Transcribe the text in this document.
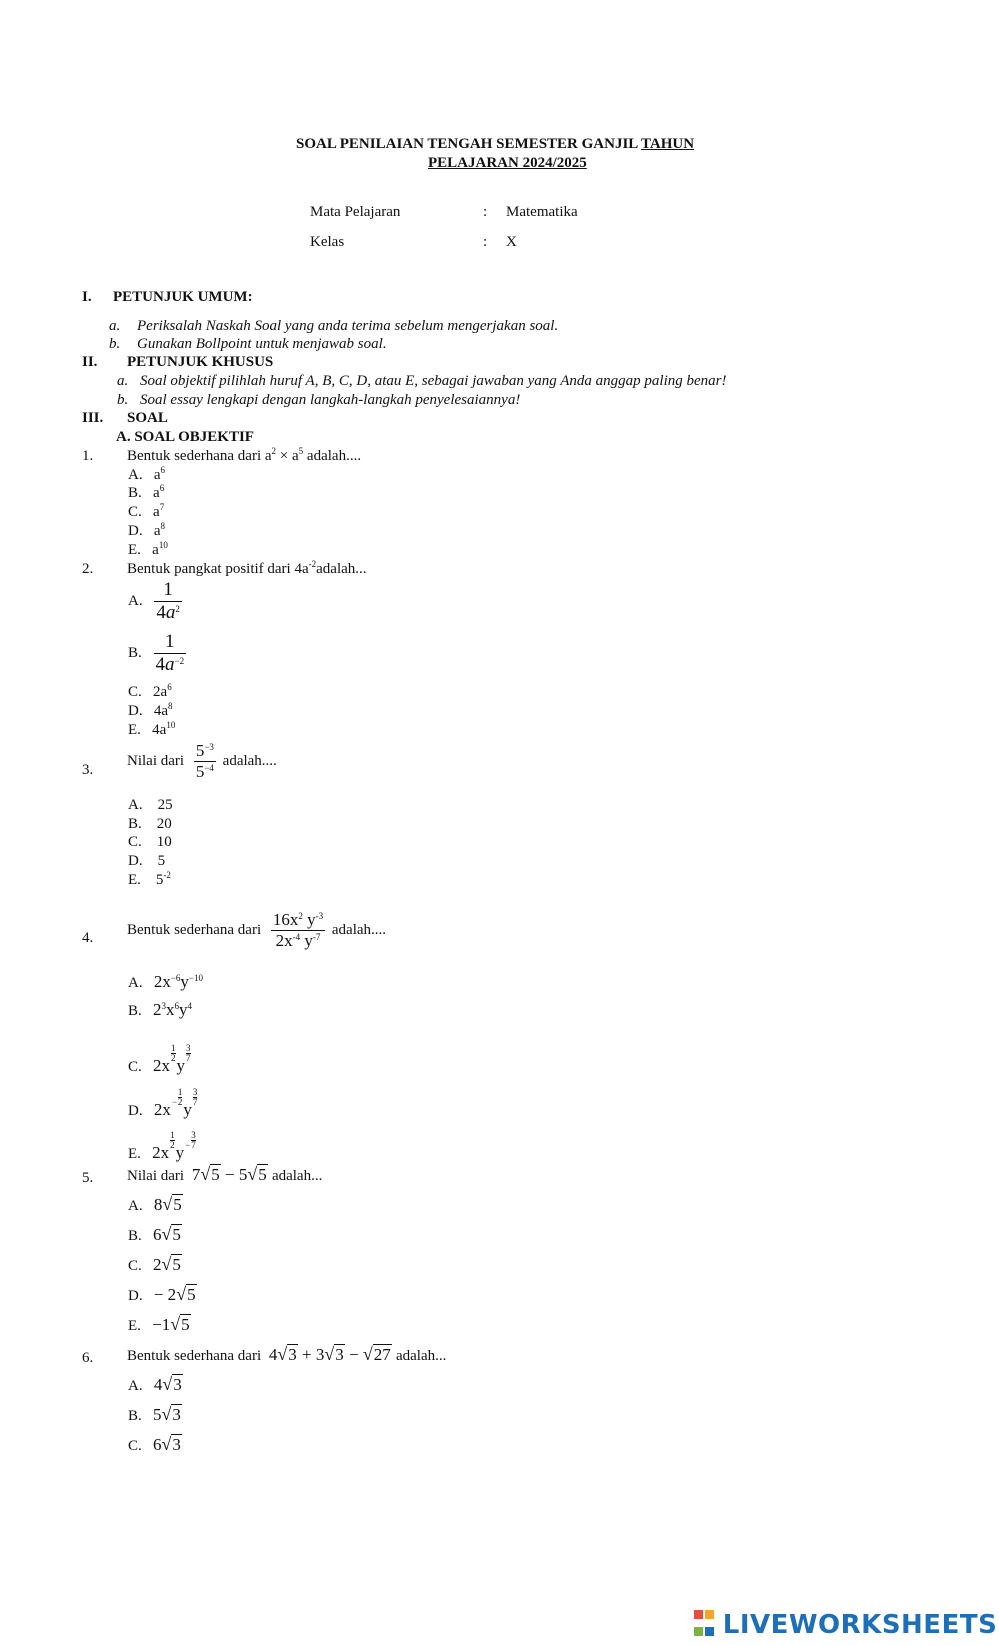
SOAL PENILAIAN TENGAH SEMESTER GANJIL TAHUN
PELAJARAN 2024/2025
Mata Pelajaran	: Matematika
Kelas	: X
I. PETUNJUK UMUM:
a. Periksalah Naskah Soal yang anda terima sebelum mengerjakan soal.
b. Gunakan Bollpoint untuk menjawab soal.
II. PETUNJUK KHUSUS
a. Soal objektif pilihlah huruf A, B, C, D, atau E, sebagai jawaban yang Anda anggap paling benar!
b. Soal essay lengkapi dengan langkah-langkah penyelesaiannya!
III. SOAL
A. SOAL OBJEKTIF
1. Bentuk sederhana dari $a^2 \times a^5$ adalah....
A. $a^6$
B. $a^6$
C. $a^7$
D. $a^8$
E. $a^{10}$
2. Bentuk pangkat positif dari $4a^{-2}adalah$...
A. $\frac{1}{4a^2}$
B. $\frac{1}{4a^{-2}}$
C. $2a^6$
D. $4a^8$
E. $4a^{10}$
3.
Nilai dari $\frac{5^{-3}}{5^{-4}}$ adalah....
A. 25
B. 20
C. 10
D. 5
E. $5^{-2}$
4. Bentuk sederhana dari $\frac{16x^2 y^{-3}}{2x^{-4} y^{-7}}$ adalah....
A. $2x^{-6}y^{-10}$
B. $2^3x^6y^4$
C. 2x
$\frac{1}{2}$
y
$\frac{3}{7}$
D. $2x- \frac{1}{2}$
y
$\frac{3}{7}$
E. 2x
$\frac{1}{2}$
$y- \frac{3}{7}$
5. Nilai dari 7√5 − 5√5 adalah...
A. 8√5
B. 6√5
C. 2√5
D. − 2√5
E. −1√5
6. Bentuk sederhana dari 4√3 + 3√3 − √27 adalah...
A. 4√3
B. 5√3
C. 6√3

LIVEWORKSHEETS
